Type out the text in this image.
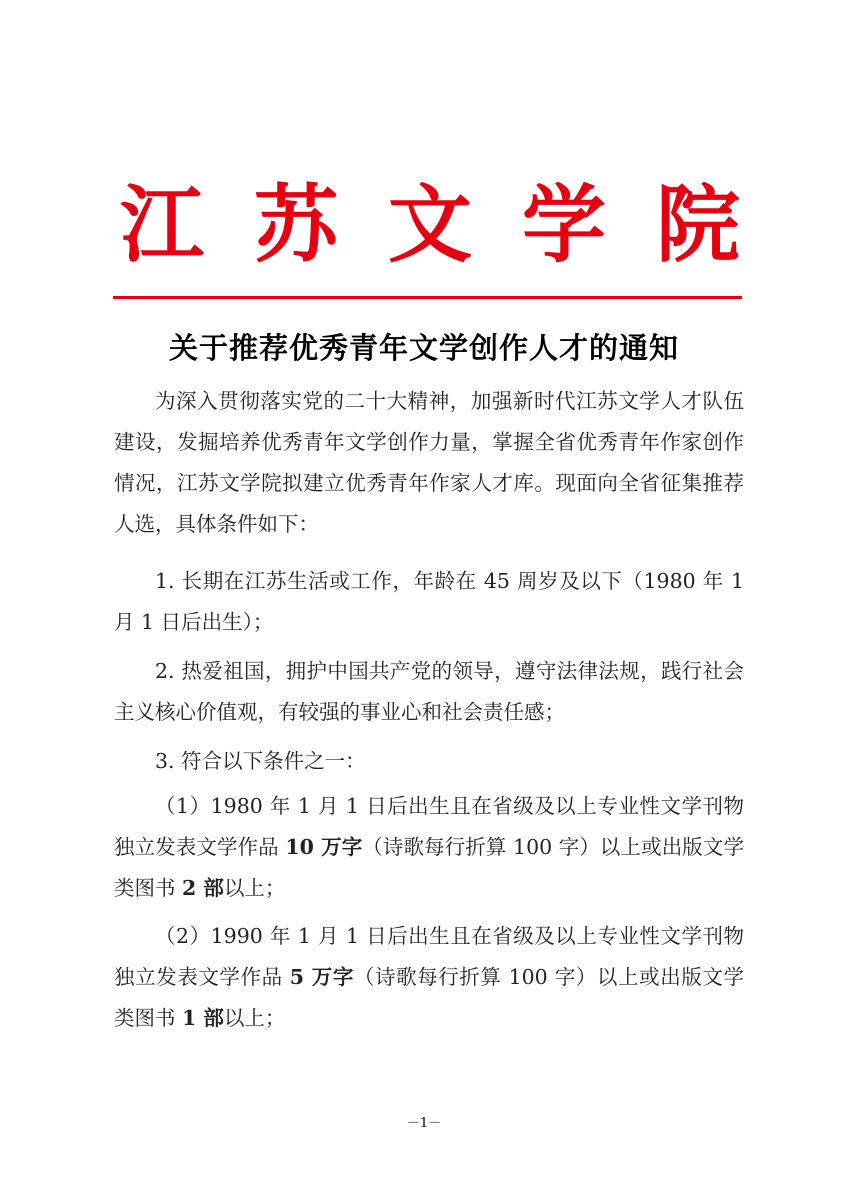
江 苏 文 学 院
关于推荐优秀青年文学创作人才的通知

为深入贯彻落实党的二十大精神，加强新时代江苏文学人才队伍建设，发掘培养优秀青年文学创作力量，掌握全省优秀青年作家创作情况，江苏文学院拟建立优秀青年作家人才库。现面向全省征集推荐人选，具体条件如下：

1. 长期在江苏生活或工作，年龄在 45 周岁及以下（1980 年 1 月 1 日后出生）；

2. 热爱祖国，拥护中国共产党的领导，遵守法律法规，践行社会主义核心价值观，有较强的事业心和社会责任感；

3. 符合以下条件之一：

（1）1980 年 1 月 1 日后出生且在省级及以上专业性文学刊物独立发表文学作品 10 万字（诗歌每行折算 100 字）以上或出版文学类图书 2 部以上；

（2）1990 年 1 月 1 日后出生且在省级及以上专业性文学刊物独立发表文学作品 5 万字（诗歌每行折算 100 字）以上或出版文学类图书 1 部以上；

－1－
